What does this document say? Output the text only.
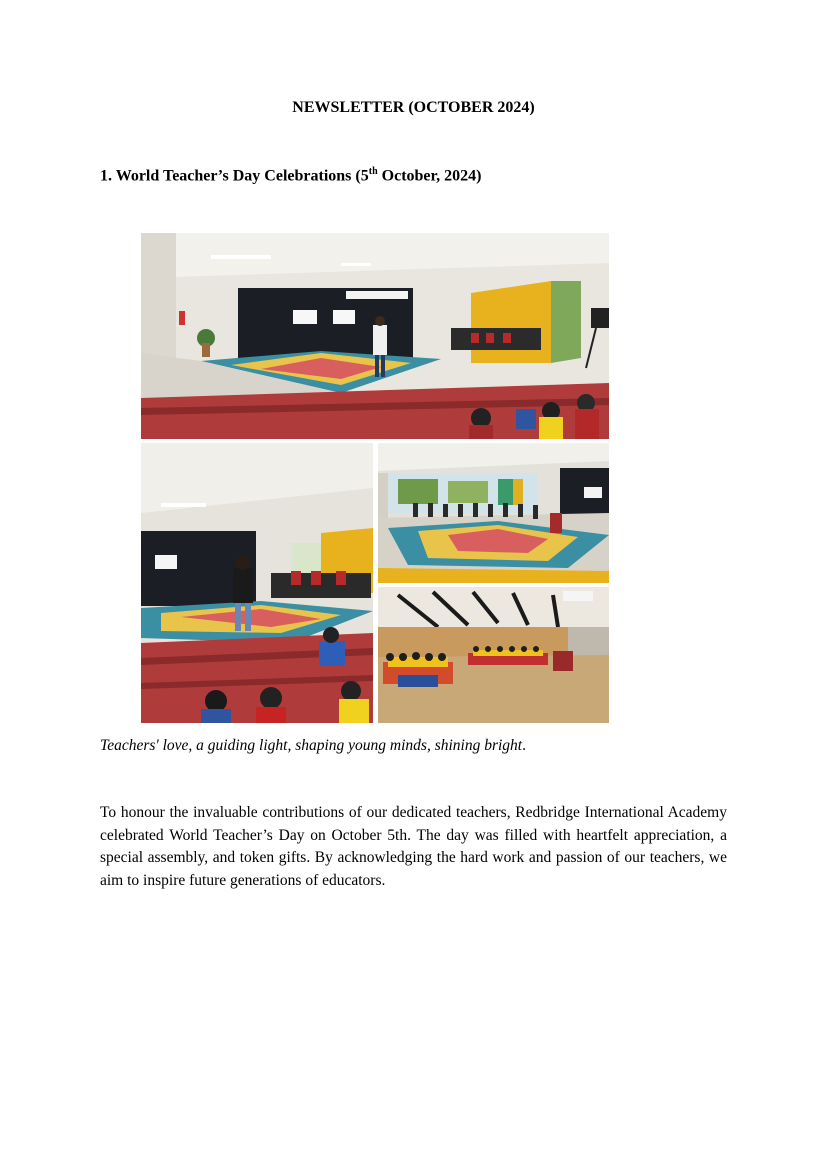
NEWSLETTER (OCTOBER 2024)
1. World Teacher’s Day Celebrations (5th October, 2024)
Teachers' love, a guiding light, shaping young minds, shining bright.
To honour the invaluable contributions of our dedicated teachers, Redbridge International Academy celebrated World Teacher’s Day on October 5th. The day was filled with heartfelt appreciation, a special assembly, and token gifts. By acknowledging the hard work and passion of our teachers, we aim to inspire future generations of educators.
